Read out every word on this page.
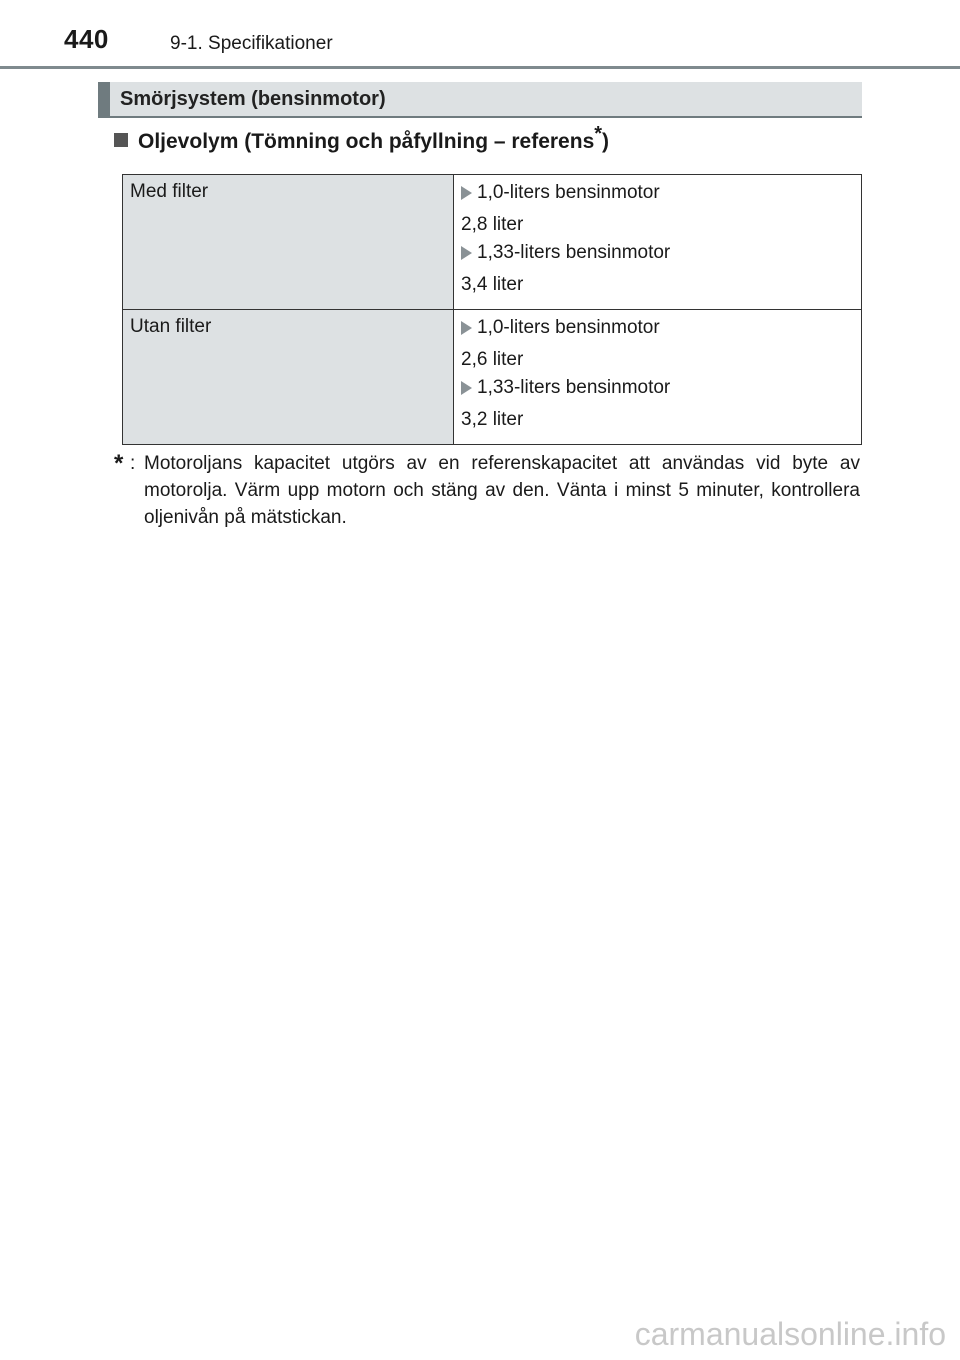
440	9-1. Specifikationer
Smörjsystem (bensinmotor)
Oljevolym (Tömning och påfyllning – referens*)
Med filter	1,0-liters bensinmotor
2,8 liter
1,33-liters bensinmotor
3,4 liter

Utan filter	1,0-liters bensinmotor
2,6 liter
1,33-liters bensinmotor
3,2 liter
* : Motoroljans kapacitet utgörs av en referenskapacitet att användas vid byte av motorolja. Värm upp motorn och stäng av den. Vänta i minst 5 minuter, kontrollera oljenivån på mätstickan.
carmanualsonline.info
